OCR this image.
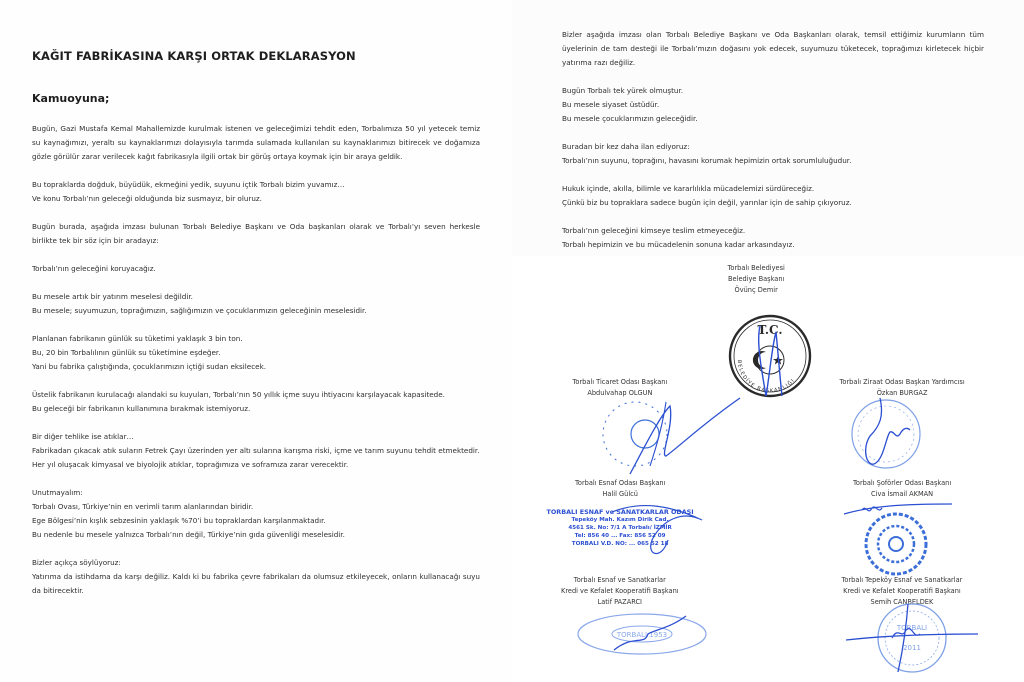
KAĞIT FABRİKASINA KARŞI ORTAK DEKLARASYON
Kamuoyuna;
Bugün, Gazi Mustafa Kemal Mahallemizde kurulmak istenen ve geleceğimizi tehdit eden, Torbalımıza 50 yıl yetecek temiz su kaynağımızı, yeraltı su kaynaklarımızı dolayısıyla tarımda sulamada kullanılan su kaynaklarımızı bitirecek ve doğamıza gözle görülür zarar verilecek kağıt fabrikasıyla ilgili ortak bir görüş ortaya koymak için bir araya geldik.
Bu topraklarda doğduk, büyüdük, ekmeğini yedik, suyunu içtik Torbalı bizim yuvamız…
Ve konu Torbalı’nın geleceği olduğunda biz susmayız, bir oluruz.
Bugün burada, aşağıda imzası bulunan Torbalı Belediye Başkanı ve Oda başkanları olarak ve Torbalı’yı seven herkesle birlikte tek bir söz için bir aradayız:
Torbalı’nın geleceğini koruyacağız.
Bu mesele artık bir yatırım meselesi değildir.
Bu mesele; suyumuzun, toprağımızın, sağlığımızın ve çocuklarımızın geleceğinin meselesidir.
Planlanan fabrikanın günlük su tüketimi yaklaşık 3 bin ton.
Bu, 20 bin Torbalılının günlük su tüketimine eşdeğer.
Yani bu fabrika çalıştığında, çocuklarımızın içtiği sudan eksilecek.
Üstelik fabrikanın kurulacağı alandaki su kuyuları, Torbalı’nın 50 yıllık içme suyu ihtiyacını karşılayacak kapasitede.
Bu geleceği bir fabrikanın kullanımına bırakmak istemiyoruz.
Bir diğer tehlike ise atıklar…
Fabrikadan çıkacak atık suların Fetrek Çayı üzerinden yer altı sularına karışma riski, içme ve tarım suyunu tehdit etmektedir.
Her yıl oluşacak kimyasal ve biyolojik atıklar, toprağımıza ve soframıza zarar verecektir.
Unutmayalım:
Torbalı Ovası, Türkiye’nin en verimli tarım alanlarından biridir.
Ege Bölgesi’nin kışlık sebzesinin yaklaşık %70’i bu topraklardan karşılanmaktadır.
Bu nedenle bu mesele yalnızca Torbalı’nın değil, Türkiye’nin gıda güvenliği meselesidir.
Bizler açıkça söylüyoruz:
Yatırıma da istihdama da karşı değiliz. Kaldı ki bu fabrika çevre fabrikaları da olumsuz etkileyecek, onların kullanacağı suyu da bitirecektir.
Bizler aşağıda imzası olan Torbalı Belediye Başkanı ve Oda Başkanları olarak, temsil ettiğimiz kurumların tüm üyelerinin de tam desteği ile Torbalı’mızın doğasını yok edecek, suyumuzu tüketecek, toprağımızı kirletecek hiçbir yatırıma razı değiliz.
Bugün Torbalı tek yürek olmuştur.
Bu mesele siyaset üstüdür.
Bu mesele çocuklarımızın geleceğidir.
Buradan bir kez daha ilan ediyoruz:
Torbalı’nın suyunu, toprağını, havasını korumak hepimizin ortak sorumluluğudur.
Hukuk içinde, akılla, bilimle ve kararlılıkla mücadelemizi sürdüreceğiz.
Çünkü biz bu topraklara sadece bugün için değil, yarınlar için de sahip çıkıyoruz.
Torbalı’nın geleceğini kimseye teslim etmeyeceğiz.
Torbalı hepimizin ve bu mücadelenin sonuna kadar arkasındayız.
Torbalı Belediyesi
Belediye Başkanı
Övünç Demir
T.C.
BELEDİYE BAŞKANLIĞI
Torbalı Ticaret Odası Başkanı
Abdulvahap OLGUN
Torbalı Ziraat Odası Başkan Yardımcısı
Özkan BURGAZ
Torbalı Esnaf Odası Başkanı
Halil Gülcü
TORBALI ESNAF ve SANATKARLAR ODASI
Tepeköy Mah. Kazım Dirik Cad.
4561 Sk. No: 7/1 A Torbalı/ İZMİR
Tel: 856 40 ... Fax: 856 52 09
TORBALI V.D. NO: ... 065 52 18
Torbalı Şoförler Odası Başkanı
Civa İsmail AKMAN
Torbalı Esnaf ve Sanatkarlar
Kredi ve Kefalet Kooperatifi Başkanı
Latif PAZARCI
TORBALI 1953
Torbalı Tepeköy Esnaf ve Sanatkarlar
Kredi ve Kefalet Kooperatifi Başkanı
Semih CANBELDEK
TORBALI
2011
